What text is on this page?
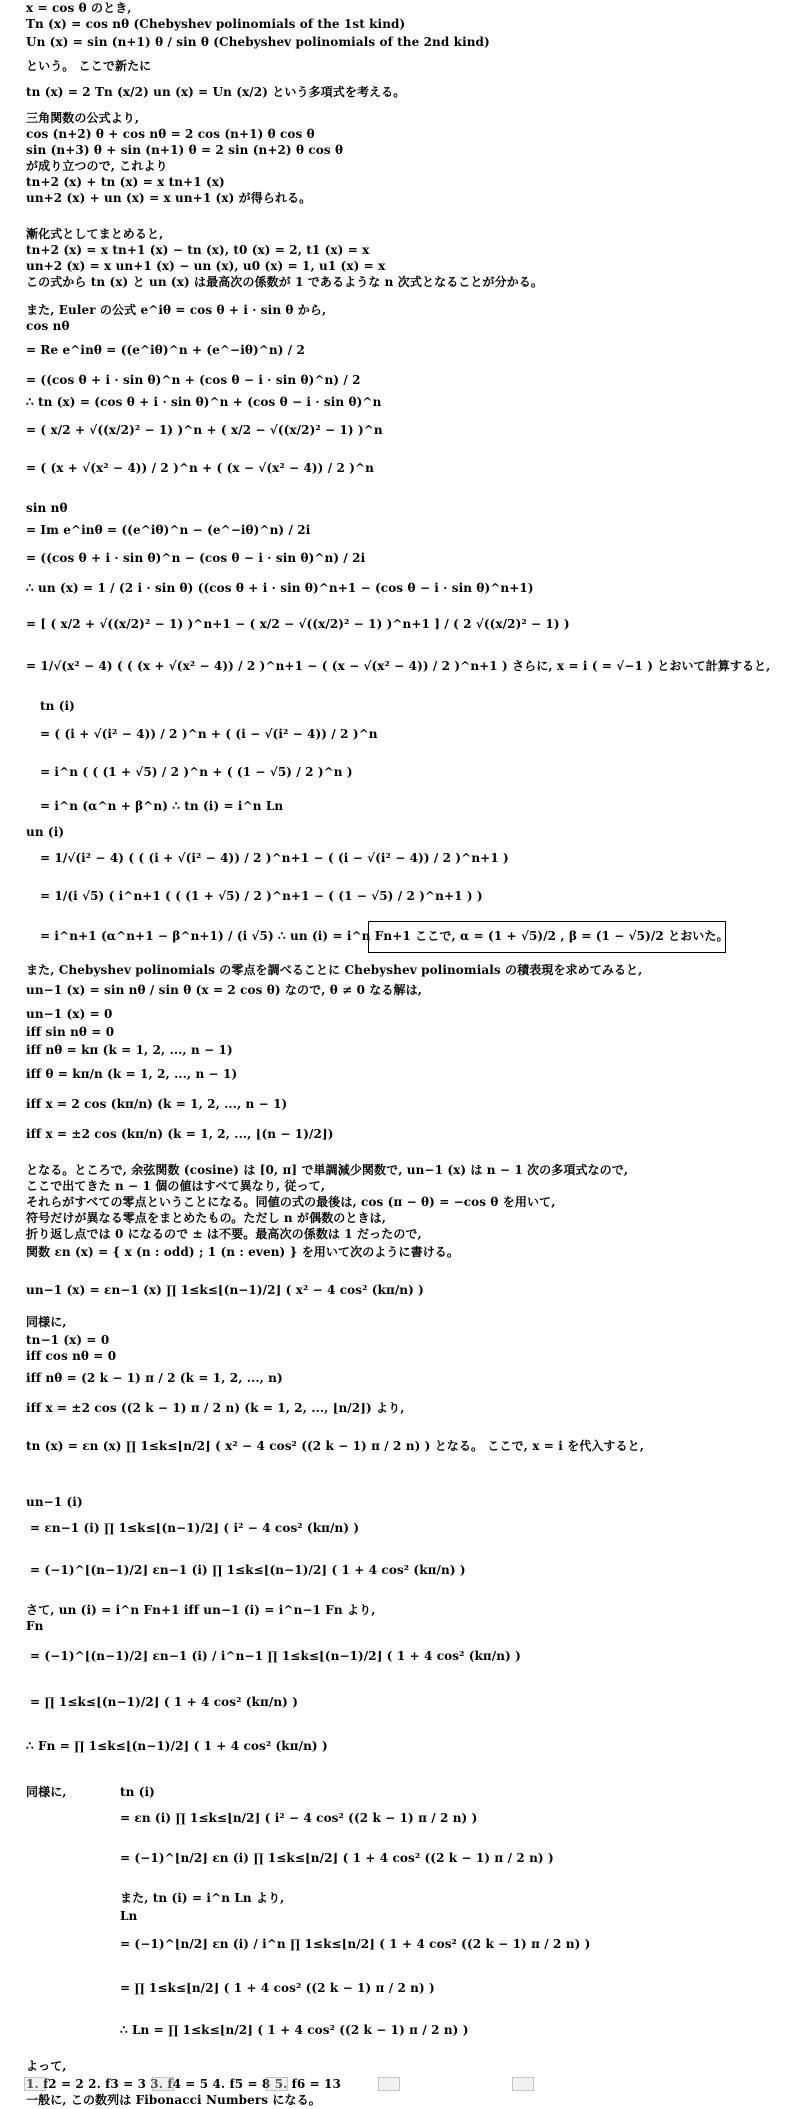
x = cos θ のとき,
Tn (x) = cos nθ (Chebyshev polinomials of the 1st kind)
Un (x) = sin (n+1) θ / sin θ (Chebyshev polinomials of the 2nd kind)
という。 ここで新たに
tn (x) = 2 Tn (x/2) un (x) = Un (x/2) という多項式を考える。
三角関数の公式より,
cos (n+2) θ + cos nθ = 2 cos (n+1) θ cos θ
sin (n+3) θ + sin (n+1) θ = 2 sin (n+2) θ cos θ
が成り立つので, これより
tn+2 (x) + tn (x) = x tn+1 (x)
un+2 (x) + un (x) = x un+1 (x) が得られる。
漸化式としてまとめると,
tn+2 (x) = x tn+1 (x) − tn (x), t0 (x) = 2, t1 (x) = x
un+2 (x) = x un+1 (x) − un (x), u0 (x) = 1, u1 (x) = x
この式から tn (x) と un (x) は最高次の係数が 1 であるような n 次式となることが分かる。
また, Euler の公式 e^iθ = cos θ + i · sin θ から,
cos nθ
= Re e^inθ = ((e^iθ)^n + (e^−iθ)^n) / 2
= ((cos θ + i · sin θ)^n + (cos θ − i · sin θ)^n) / 2
∴ tn (x) = (cos θ + i · sin θ)^n + (cos θ − i · sin θ)^n
= ( x/2 + √((x/2)² − 1) )^n + ( x/2 − √((x/2)² − 1) )^n
= ( (x + √(x² − 4)) / 2 )^n + ( (x − √(x² − 4)) / 2 )^n
sin nθ
= Im e^inθ = ((e^iθ)^n − (e^−iθ)^n) / 2i
= ((cos θ + i · sin θ)^n − (cos θ − i · sin θ)^n) / 2i
∴ un (x) = 1 / (2 i · sin θ) ((cos θ + i · sin θ)^n+1 − (cos θ − i · sin θ)^n+1)
= [ ( x/2 + √((x/2)² − 1) )^n+1 − ( x/2 − √((x/2)² − 1) )^n+1 ] / ( 2 √((x/2)² − 1) )
= 1/√(x² − 4) ( ( (x + √(x² − 4)) / 2 )^n+1 − ( (x − √(x² − 4)) / 2 )^n+1 ) さらに, x = i ( = √−1 ) とおいて計算すると,
tn (i)
= ( (i + √(i² − 4)) / 2 )^n + ( (i − √(i² − 4)) / 2 )^n
= i^n ( ( (1 + √5) / 2 )^n + ( (1 − √5) / 2 )^n )
= i^n (α^n + β^n) ∴ tn (i) = i^n Ln
un (i)
= 1/√(i² − 4) ( ( (i + √(i² − 4)) / 2 )^n+1 − ( (i − √(i² − 4)) / 2 )^n+1 )
= 1/(i √5) ( i^n+1 ( ( (1 + √5) / 2 )^n+1 − ( (1 − √5) / 2 )^n+1 ) )
= i^n+1 (α^n+1 − β^n+1) / (i √5) ∴ un (i) = i^n Fn+1 ここで, α = (1 + √5)/2 , β = (1 − √5)/2 とおいた。
また, Chebyshev polinomials の零点を調べることに Chebyshev polinomials の積表現を求めてみると,
un−1 (x) = sin nθ / sin θ (x = 2 cos θ) なので, θ ≠ 0 なる解は,
un−1 (x) = 0
iff sin nθ = 0
iff nθ = kπ (k = 1, 2, ..., n − 1)
iff θ = kπ/n (k = 1, 2, ..., n − 1)
iff x = 2 cos (kπ/n) (k = 1, 2, ..., n − 1)
iff x = ±2 cos (kπ/n) (k = 1, 2, ..., ⌊(n − 1)/2⌋)
となる。ところで, 余弦関数 (cosine) は [0, π] で単調減少関数で, un−1 (x) は n − 1 次の多項式なので,
ここで出てきた n − 1 個の値はすべて異なり, 従って,
それらがすべての零点ということになる。同値の式の最後は, cos (π − θ) = −cos θ を用いて,
符号だけが異なる零点をまとめたもの。ただし n が偶数のときは,
折り返し点では 0 になるので ± は不要。最高次の係数は 1 だったので,
関数 εn (x) = { x (n : odd) ; 1 (n : even) } を用いて次のように書ける。
un−1 (x) = εn−1 (x) ∏ 1≤k≤⌊(n−1)/2⌋ ( x² − 4 cos² (kπ/n) )
同様に,
tn−1 (x) = 0
iff cos nθ = 0
iff nθ = (2 k − 1) π / 2 (k = 1, 2, ..., n)
iff x = ±2 cos ((2 k − 1) π / 2 n) (k = 1, 2, ..., ⌊n/2⌋) より,
tn (x) = εn (x) ∏ 1≤k≤⌊n/2⌋ ( x² − 4 cos² ((2 k − 1) π / 2 n) ) となる。 ここで, x = i を代入すると,
un−1 (i)
= εn−1 (i) ∏ 1≤k≤⌊(n−1)/2⌋ ( i² − 4 cos² (kπ/n) )
= (−1)^⌊(n−1)/2⌋ εn−1 (i) ∏ 1≤k≤⌊(n−1)/2⌋ ( 1 + 4 cos² (kπ/n) )
さて, un (i) = i^n Fn+1 iff un−1 (i) = i^n−1 Fn より,
Fn
= (−1)^⌊(n−1)/2⌋ εn−1 (i) / i^n−1 ∏ 1≤k≤⌊(n−1)/2⌋ ( 1 + 4 cos² (kπ/n) )
= ∏ 1≤k≤⌊(n−1)/2⌋ ( 1 + 4 cos² (kπ/n) )
∴ Fn = ∏ 1≤k≤⌊(n−1)/2⌋ ( 1 + 4 cos² (kπ/n) )
同様に,	tn (i)
= εn (i) ∏ 1≤k≤⌊n/2⌋ ( i² − 4 cos² ((2 k − 1) π / 2 n) )
= (−1)^⌊n/2⌋ εn (i) ∏ 1≤k≤⌊n/2⌋ ( 1 + 4 cos² ((2 k − 1) π / 2 n) )
また, tn (i) = i^n Ln より,
Ln
= (−1)^⌊n/2⌋ εn (i) / i^n ∏ 1≤k≤⌊n/2⌋ ( 1 + 4 cos² ((2 k − 1) π / 2 n) )
= ∏ 1≤k≤⌊n/2⌋ ( 1 + 4 cos² ((2 k − 1) π / 2 n) )
∴ Ln = ∏ 1≤k≤⌊n/2⌋ ( 1 + 4 cos² ((2 k − 1) π / 2 n) )
よって,
1. f2 = 2 2. f3 = 3 3. f4 = 5 4. f5 = 8 5. f6 = 13
一般に, この数列は Fibonacci Numbers になる。
